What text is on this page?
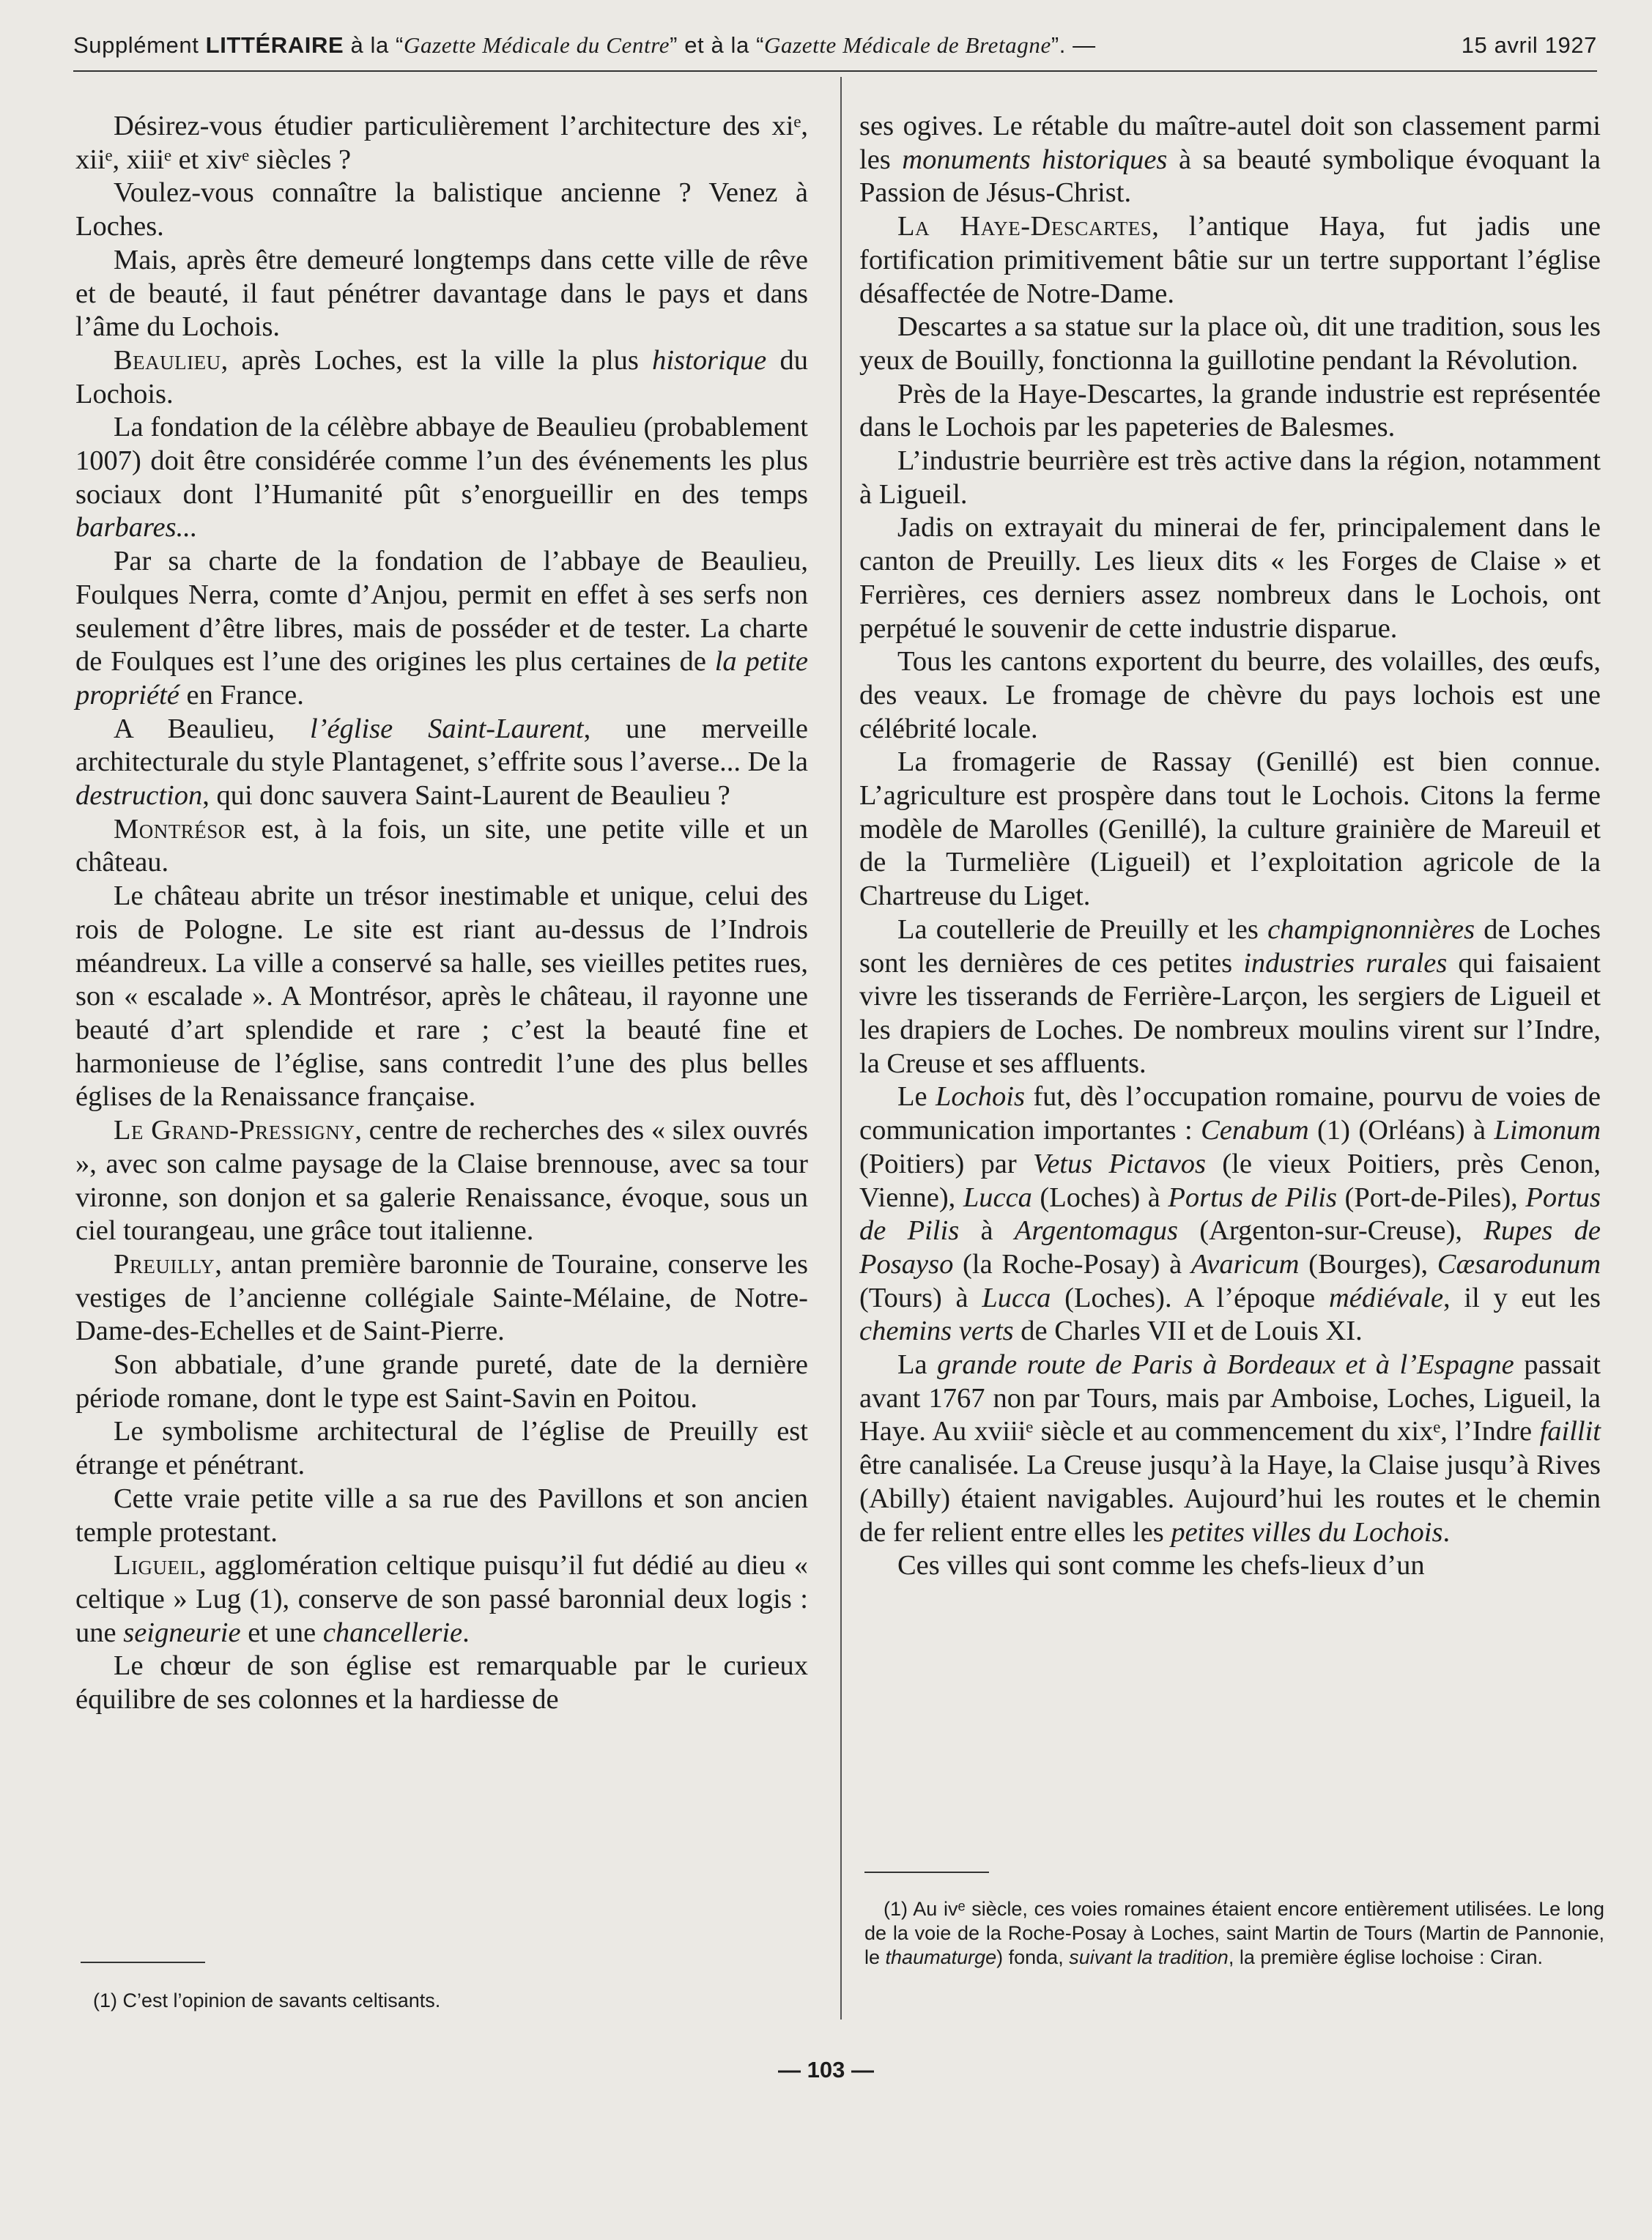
Supplément LITTÉRAIRE à la “Gazette Médicale du Centre” et à la “Gazette Médicale de Bretagne”. —	15 avril 1927

Désirez-vous étudier particulièrement l’architecture des xiᵉ, xiiᵉ, xiiiᵉ et xivᵉ siècles ?

Voulez-vous connaître la balistique ancienne ? Venez à Loches.

Mais, après être demeuré longtemps dans cette ville de rêve et de beauté, il faut pénétrer davantage dans le pays et dans l’âme du Lochois.

Beaulieu, après Loches, est la ville la plus historique du Lochois.

La fondation de la célèbre abbaye de Beaulieu (probablement 1007) doit être considérée comme l’un des événements les plus sociaux dont l’Humanité pût s’enorgueillir en des temps barbares...

Par sa charte de la fondation de l’abbaye de Beaulieu, Foulques Nerra, comte d’Anjou, permit en effet à ses serfs non seulement d’être libres, mais de posséder et de tester. La charte de Foulques est l’une des origines les plus certaines de la petite propriété en France.

A Beaulieu, l’église Saint-Laurent, une merveille architecturale du style Plantagenet, s’effrite sous l’averse... De la destruction, qui donc sauvera Saint-Laurent de Beaulieu ?

Montrésor est, à la fois, un site, une petite ville et un château.

Le château abrite un trésor inestimable et unique, celui des rois de Pologne. Le site est riant au-dessus de l’Indrois méandreux. La ville a conservé sa halle, ses vieilles petites rues, son « escalade ». A Montrésor, après le château, il rayonne une beauté d’art splendide et rare ; c’est la beauté fine et harmonieuse de l’église, sans contredit l’une des plus belles églises de la Renaissance française.

Le Grand-Pressigny, centre de recherches des « silex ouvrés », avec son calme paysage de la Claise brennouse, avec sa tour vironne, son donjon et sa galerie Renaissance, évoque, sous un ciel tourangeau, une grâce tout italienne.

Preuilly, antan première baronnie de Touraine, conserve les vestiges de l’ancienne collégiale Sainte-Mélaine, de Notre-Dame-des-Echelles et de Saint-Pierre.

Son abbatiale, d’une grande pureté, date de la dernière période romane, dont le type est Saint-Savin en Poitou.

Le symbolisme architectural de l’église de Preuilly est étrange et pénétrant.

Cette vraie petite ville a sa rue des Pavillons et son ancien temple protestant.

Ligueil, agglomération celtique puisqu’il fut dédié au dieu « celtique » Lug (1), conserve de son passé baronnial deux logis : une seigneurie et une chancellerie.

Le chœur de son église est remarquable par le curieux équilibre de ses colonnes et la hardiesse de

ses ogives. Le rétable du maître-autel doit son classement parmi les monuments historiques à sa beauté symbolique évoquant la Passion de Jésus-Christ.

La Haye-Descartes, l’antique Haya, fut jadis une fortification primitivement bâtie sur un tertre supportant l’église désaffectée de Notre-Dame.

Descartes a sa statue sur la place où, dit une tradition, sous les yeux de Bouilly, fonctionna la guillotine pendant la Révolution.

Près de la Haye-Descartes, la grande industrie est représentée dans le Lochois par les papeteries de Balesmes.

L’industrie beurrière est très active dans la région, notamment à Ligueil.

Jadis on extrayait du minerai de fer, principalement dans le canton de Preuilly. Les lieux dits « les Forges de Claise » et Ferrières, ces derniers assez nombreux dans le Lochois, ont perpétué le souvenir de cette industrie disparue.

Tous les cantons exportent du beurre, des volailles, des œufs, des veaux. Le fromage de chèvre du pays lochois est une célébrité locale.

La fromagerie de Rassay (Genillé) est bien connue. L’agriculture est prospère dans tout le Lochois. Citons la ferme modèle de Marolles (Genillé), la culture grainière de Mareuil et de la Turmelière (Ligueil) et l’exploitation agricole de la Chartreuse du Liget.

La coutellerie de Preuilly et les champignonnières de Loches sont les dernières de ces petites industries rurales qui faisaient vivre les tisserands de Ferrière-Larçon, les sergiers de Ligueil et les drapiers de Loches. De nombreux moulins virent sur l’Indre, la Creuse et ses affluents.

Le Lochois fut, dès l’occupation romaine, pourvu de voies de communication importantes : Cenabum (1) (Orléans) à Limonum (Poitiers) par Vetus Pictavos (le vieux Poitiers, près Cenon, Vienne), Lucca (Loches) à Portus de Pilis (Port-de-Piles), Portus de Pilis à Argentomagus (Argenton-sur-Creuse), Rupes de Posayso (la Roche-Posay) à Avaricum (Bourges), Cæsarodunum (Tours) à Lucca (Loches). A l’époque médiévale, il y eut les chemins verts de Charles VII et de Louis XI.

La grande route de Paris à Bordeaux et à l’Espagne passait avant 1767 non par Tours, mais par Amboise, Loches, Ligueil, la Haye. Au xviiiᵉ siècle et au commencement du xixᵉ, l’Indre faillit être canalisée. La Creuse jusqu’à la Haye, la Claise jusqu’à Rives (Abilly) étaient navigables. Aujourd’hui les routes et le chemin de fer relient entre elles les petites villes du Lochois.

Ces villes qui sont comme les chefs-lieux d’un

(1) C’est l’opinion de savants celtisants.
(1) Au ivᵉ siècle, ces voies romaines étaient encore entièrement utilisées. Le long de la voie de la Roche-Posay à Loches, saint Martin de Tours (Martin de Pannonie, le thaumaturge) fonda, suivant la tradition, la première église lochoise : Ciran.
— 103 —
